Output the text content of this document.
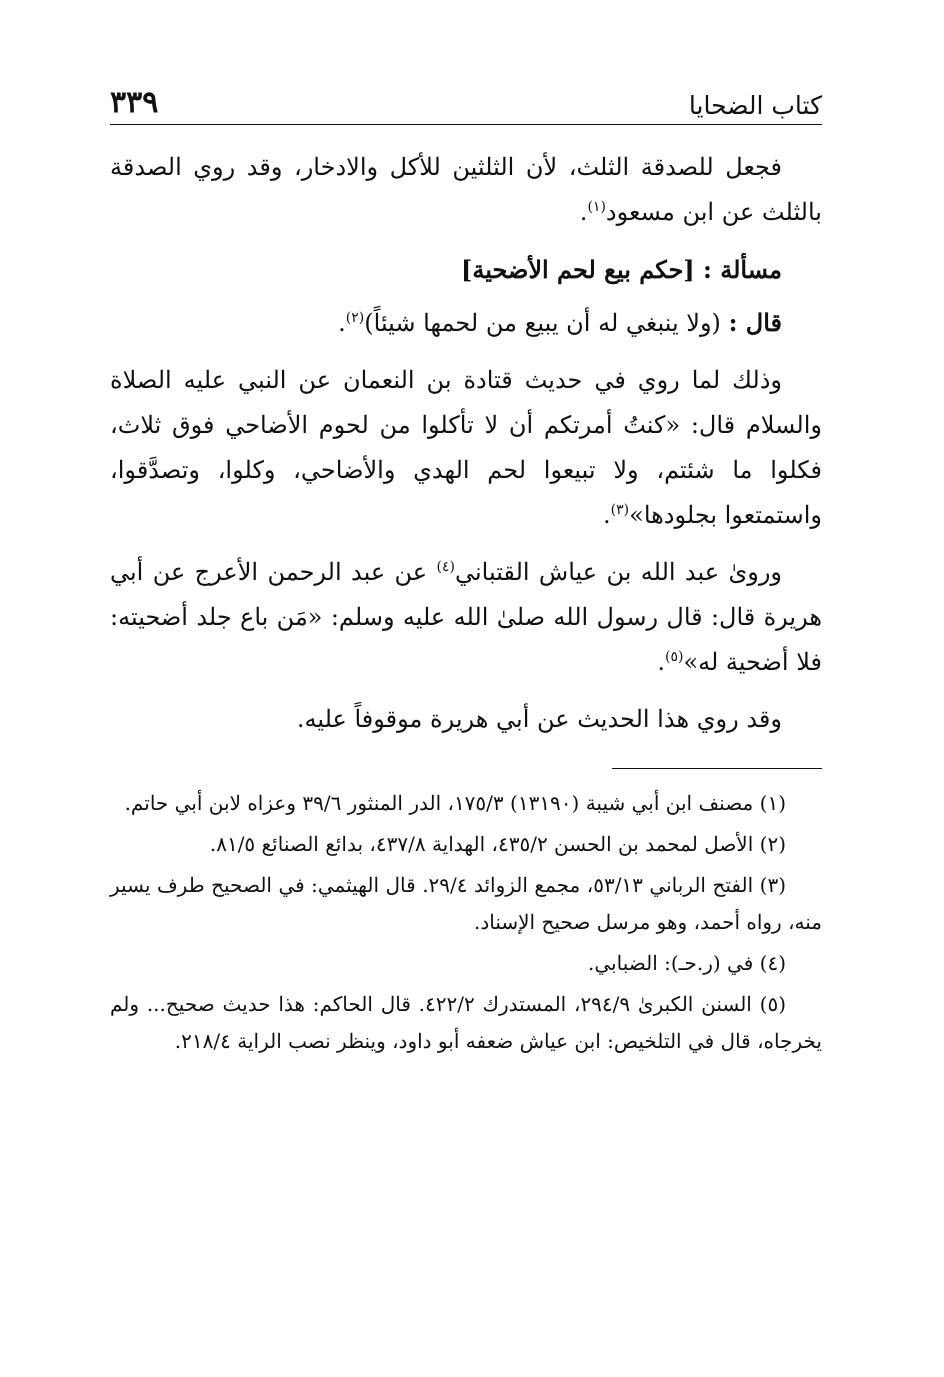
كتاب الضحايا
٣٣٩

فجعل للصدقة الثلث، لأن الثلثين للأكل والادخار، وقد روي الصدقة بالثلث عن ابن مسعود$^{(١)}$.

مسألة : [حكم بيع لحم الأضحية]

قال : (ولا ينبغي له أن يبيع من لحمها شيئاً)$^{(٢)}$.

وذلك لما روي في حديث قتادة بن النعمان عن النبي عليه الصلاة والسلام قال: «كنتُ أمرتكم أن لا تأكلوا من لحوم الأضاحي فوق ثلاث، فكلوا ما شئتم، ولا تبيعوا لحم الهدي والأضاحي، وكلوا، وتصدَّقوا، واستمتعوا بجلودها»$^{(٣)}$.

ورویٰ عبد الله بن عياش القتباني$^{(٤)}$ عن عبد الرحمن الأعرج عن أبي هريرة قال: قال رسول الله صلىٰ الله عليه وسلم: «مَن باع جلد أضحيته: فلا أضحية له»$^{(٥)}$.

وقد روي هذا الحديث عن أبي هريرة موقوفاً عليه.

(١) مصنف ابن أبي شيبة (١٣١٩٠) ١٧٥/٣، الدر المنثور ٣٩/٦ وعزاه لابن أبي حاتم.

(٢) الأصل لمحمد بن الحسن ٤٣٥/٢، الهداية ٤٣٧/٨، بدائع الصنائع ٨١/٥.

(٣) الفتح الرباني ٥٣/١٣، مجمع الزوائد ٢٩/٤. قال الهيثمي: في الصحيح طرف يسير منه، رواه أحمد، وهو مرسل صحيح الإسناد.

(٤) في (ر.حـ): الضبابي.

(٥) السنن الكبرىٰ ٢٩٤/٩، المستدرك ٤٢٢/٢. قال الحاكم: هذا حديث صحيح... ولم يخرجاه، قال في التلخيص: ابن عياش ضعفه أبو داود، وينظر نصب الراية ٢١٨/٤.
